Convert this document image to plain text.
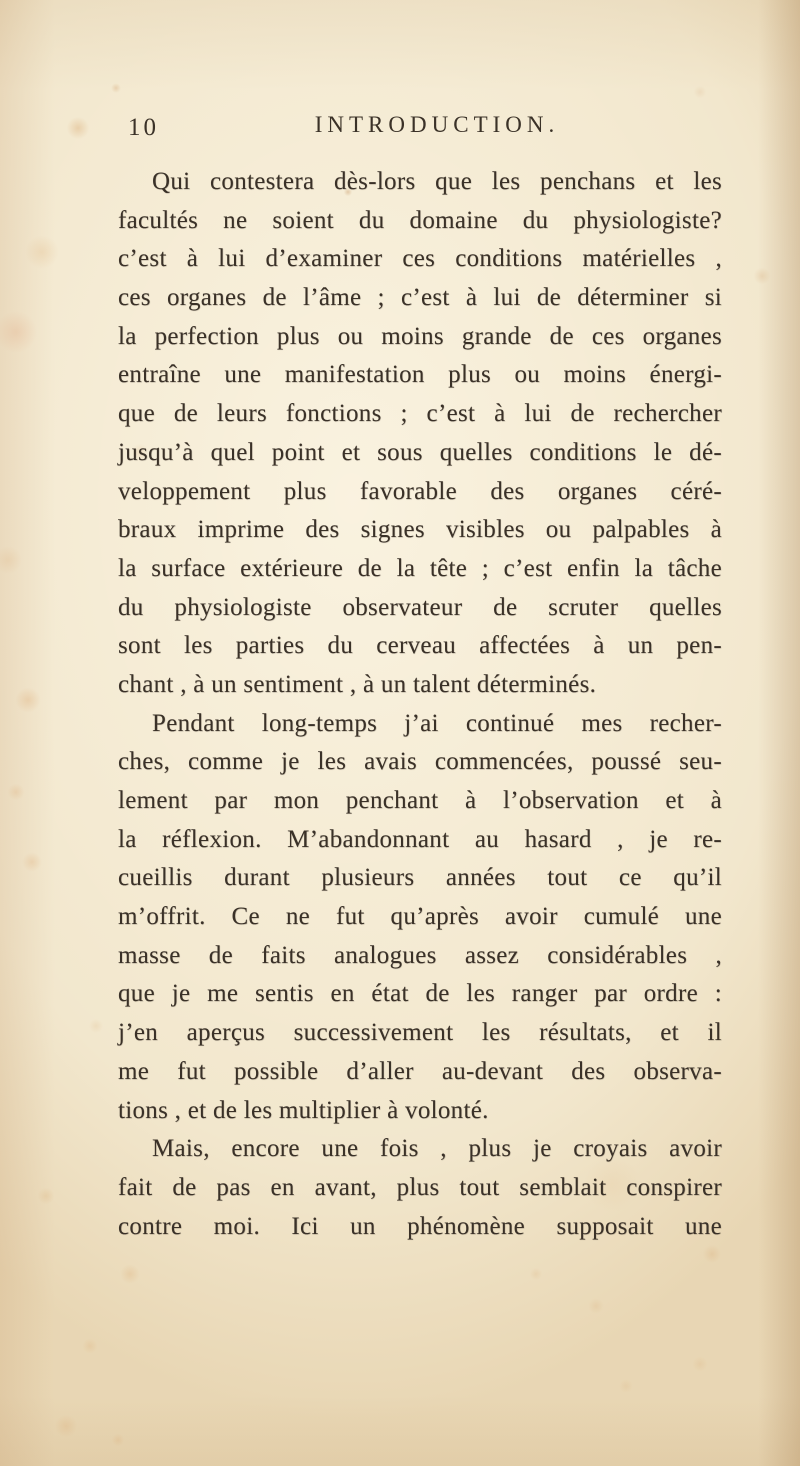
10	INTRODUCTION.
Qui contestera dès-lors que les penchans et les
facultés ne soient du domaine du physiologiste?
c’est à lui d’examiner ces conditions matérielles ,
ces organes de l’âme ; c’est à lui de déterminer si
la perfection plus ou moins grande de ces organes
entraîne une manifestation plus ou moins énergi-
que de leurs fonctions ; c’est à lui de rechercher
jusqu’à quel point et sous quelles conditions le dé-
veloppement plus favorable des organes céré-
braux imprime des signes visibles ou palpables à
la surface extérieure de la tête ; c’est enfin la tâche
du physiologiste observateur de scruter quelles
sont les parties du cerveau affectées à un pen-
chant , à un sentiment , à un talent déterminés.
Pendant long-temps j’ai continué mes recher-
ches, comme je les avais commencées, poussé seu-
lement par mon penchant à l’observation et à
la réflexion. M’abandonnant au hasard , je re-
cueillis durant plusieurs années tout ce qu’il
m’offrit. Ce ne fut qu’après avoir cumulé une
masse de faits analogues assez considérables ,
que je me sentis en état de les ranger par ordre :
j’en aperçus successivement les résultats, et il
me fut possible d’aller au-devant des observa-
tions , et de les multiplier à volonté.
Mais, encore une fois , plus je croyais avoir
fait de pas en avant, plus tout semblait conspirer
contre moi. Ici un phénomène supposait une
